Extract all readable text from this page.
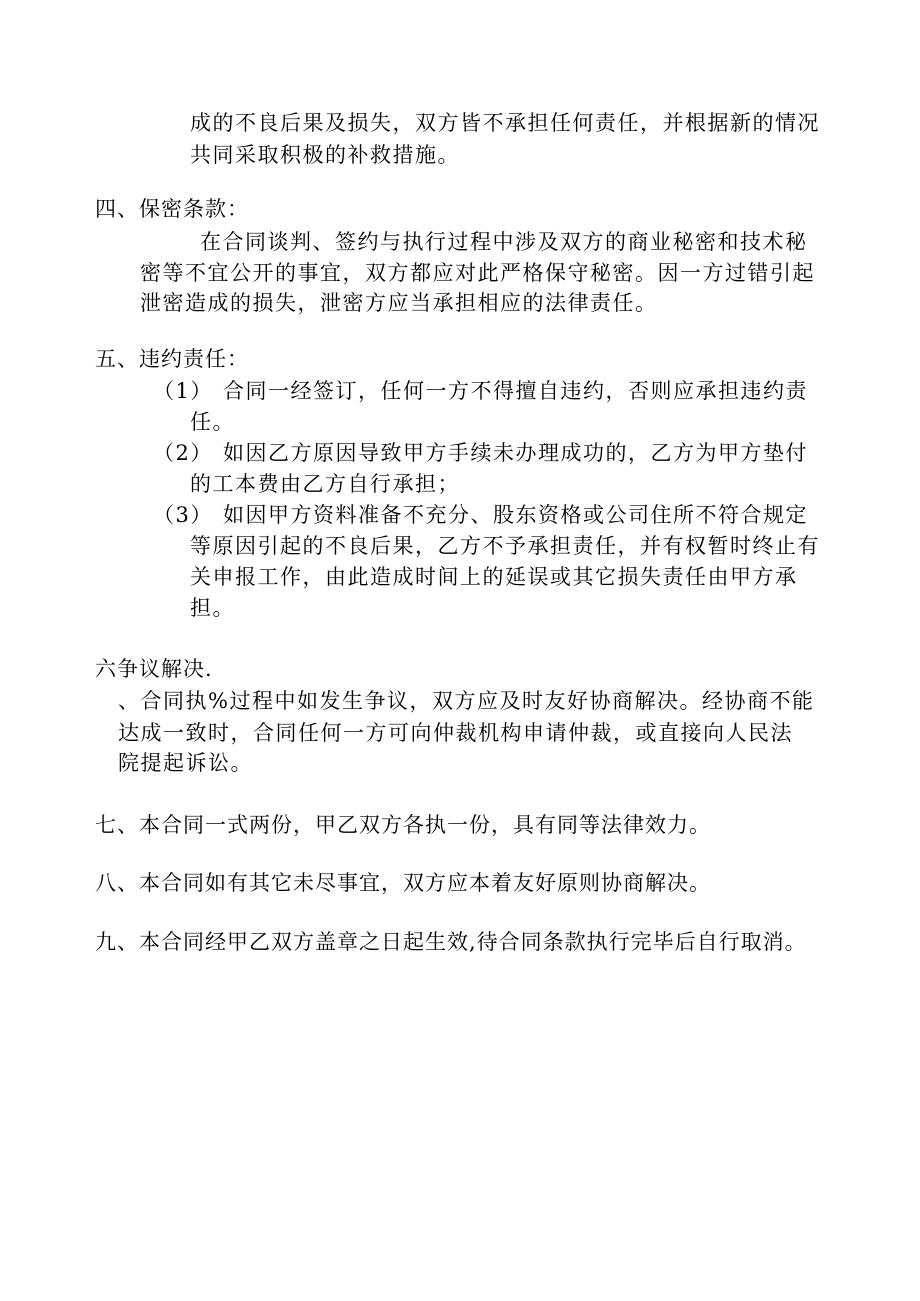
成的不良后果及损失，双方皆不承担任何责任，并根据新的情况
共同采取积极的补救措施。
四、保密条款：
在合同谈判、签约与执行过程中涉及双方的商业秘密和技术秘
密等不宜公开的事宜，双方都应对此严格保守秘密。因一方过错引起
泄密造成的损失，泄密方应当承担相应的法律责任。
五、违约责任：
（1） 合同一经签订，任何一方不得擅自违约，否则应承担违约责
任。
（2） 如因乙方原因导致甲方手续未办理成功的，乙方为甲方垫付
的工本费由乙方自行承担；
（3） 如因甲方资料准备不充分、股东资格或公司住所不符合规定
等原因引起的不良后果，乙方不予承担责任，并有权暂时终止有
关申报工作，由此造成时间上的延误或其它损失责任由甲方承
担。
六争议解决.
、合同执%过程中如发生争议，双方应及时友好协商解决。经协商不能
达成一致时，合同任何一方可向仲裁机构申请仲裁，或直接向人民法
院提起诉讼。
七、本合同一式两份，甲乙双方各执一份，具有同等法律效力。
八、本合同如有其它未尽事宜，双方应本着友好原则协商解决。
九、本合同经甲乙双方盖章之日起生效,待合同条款执行完毕后自行取消。
